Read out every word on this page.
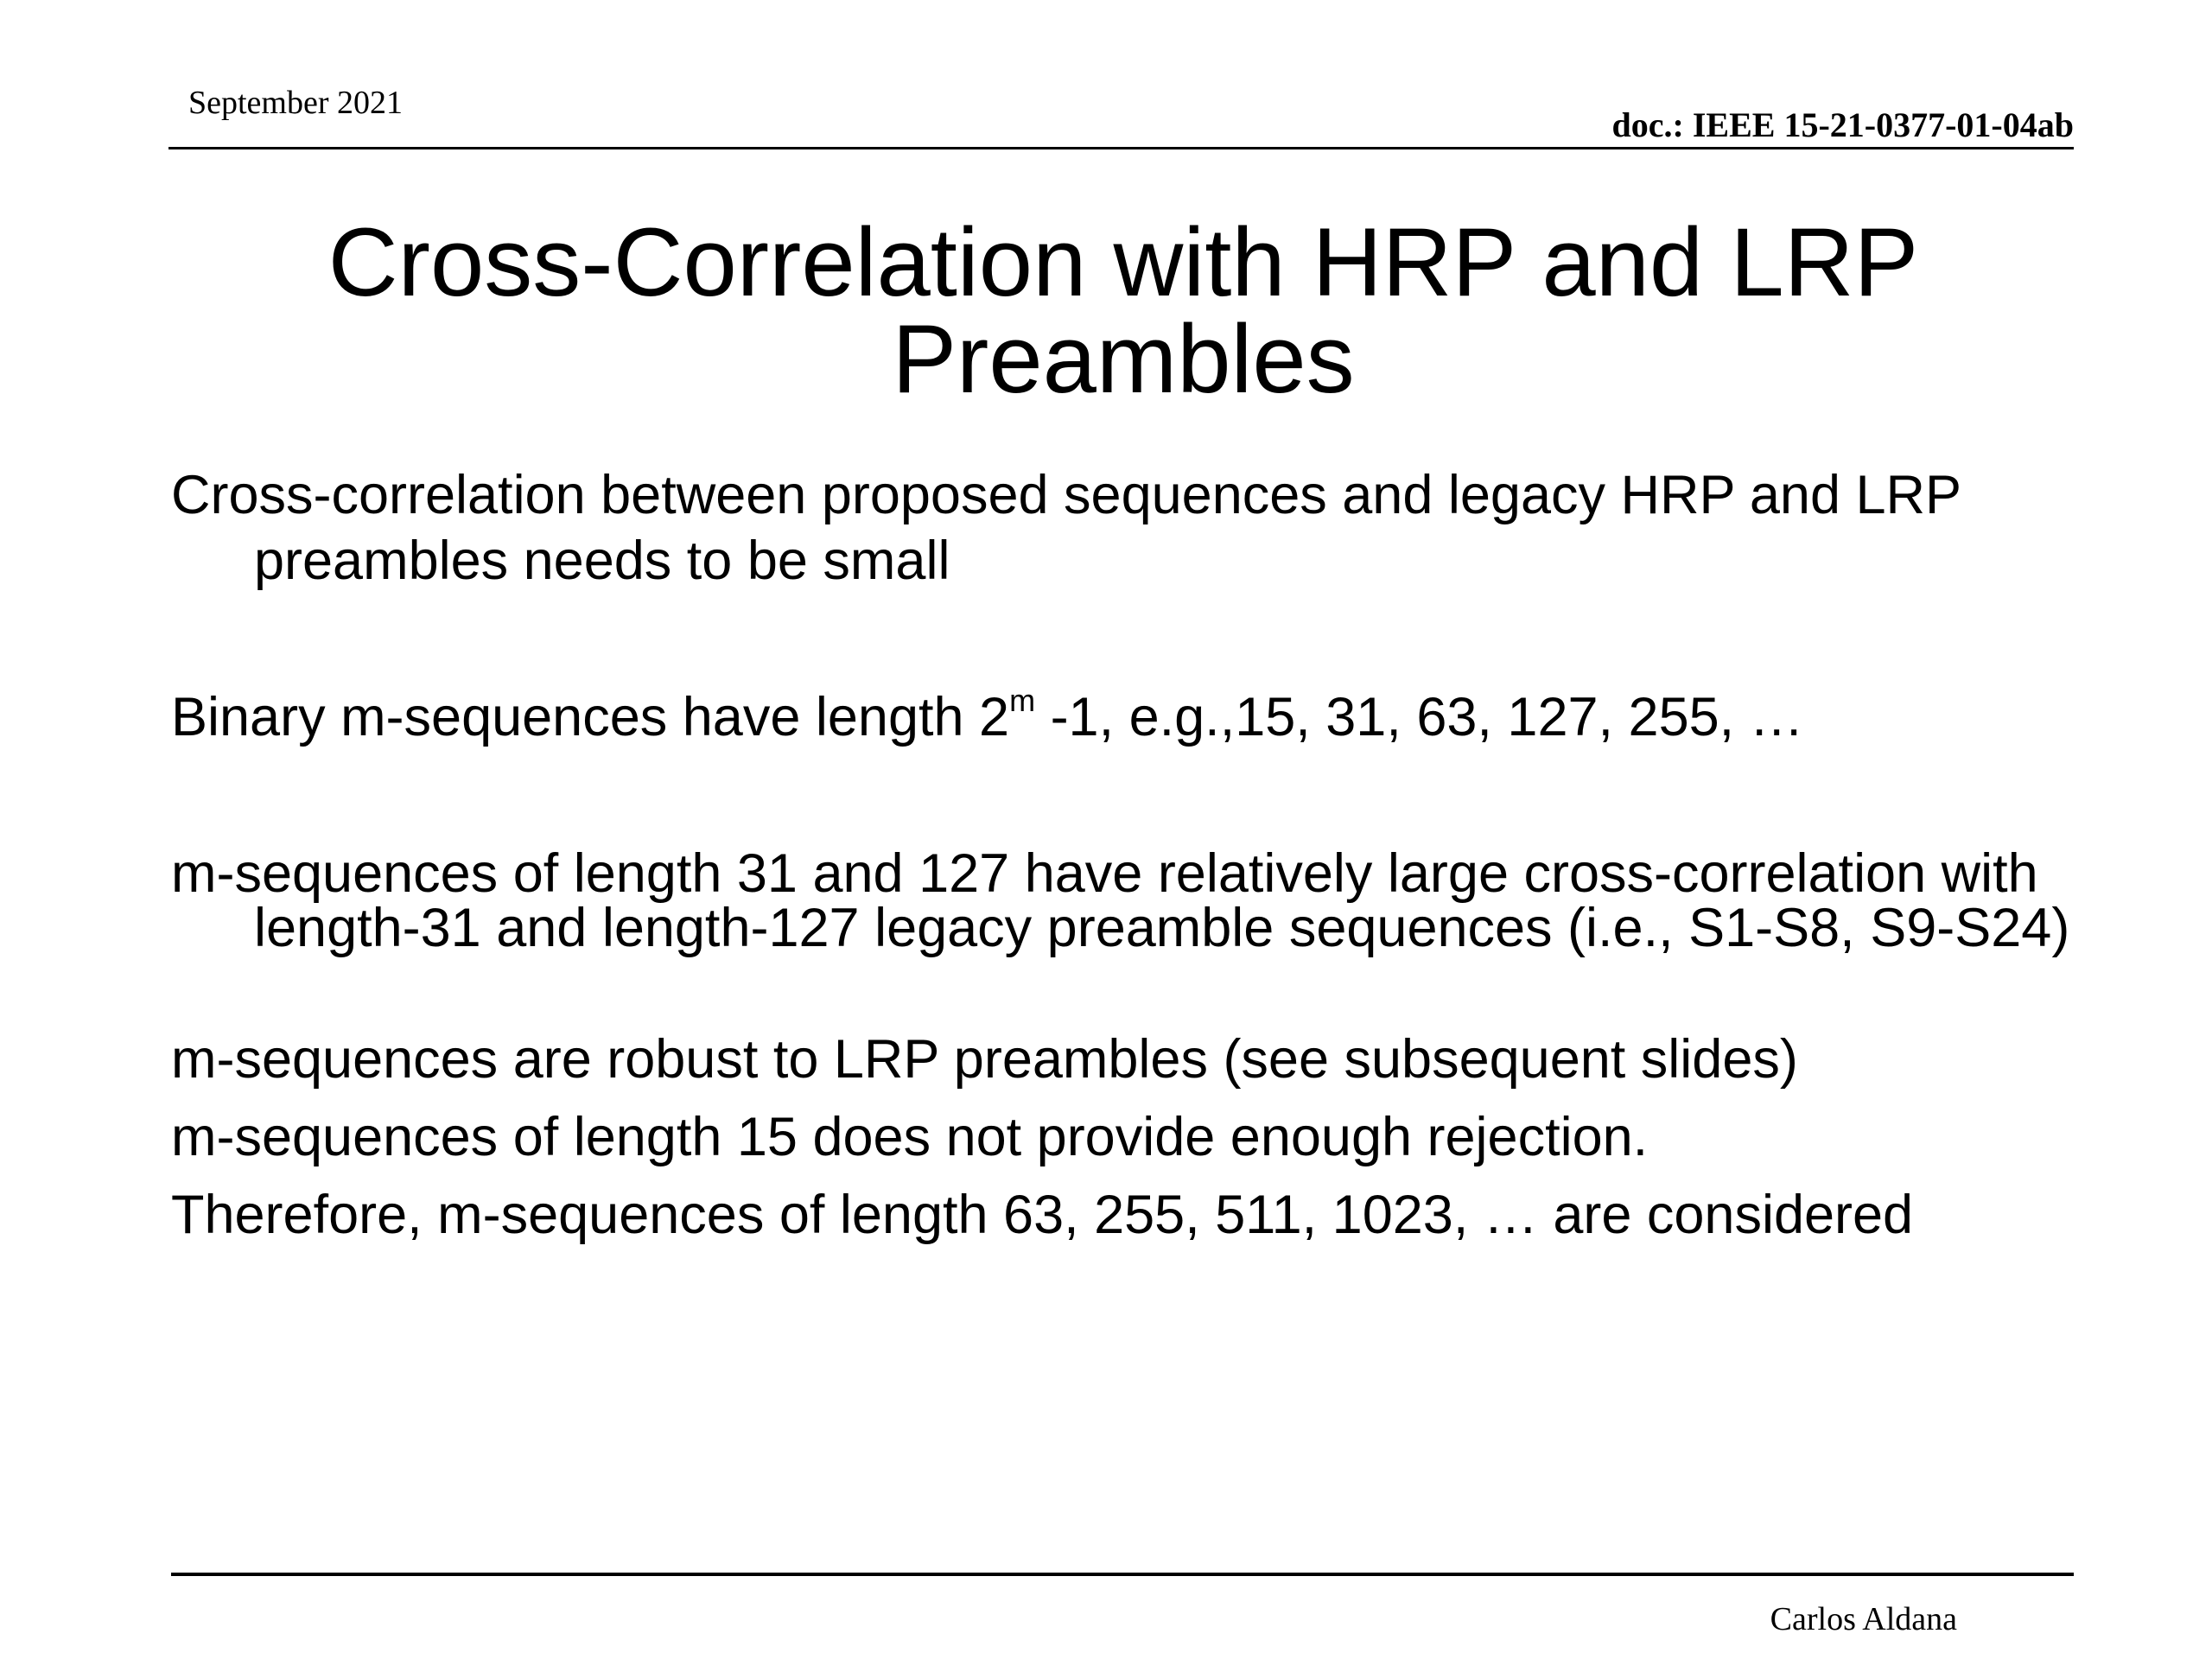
September 2021
doc.: IEEE 15-21-0377-01-04ab
Cross-Correlation with HRP and LRP
Preambles
Cross-correlation between proposed sequences and legacy HRP and LRP preambles needs to be small
Binary m-sequences have length 2$^m$ -1, e.g.,15, 31, 63, 127, 255, …
m-sequences of length 31 and 127 have relatively large cross-correlation with length-31 and length-127 legacy preamble sequences (i.e., S1-S8, S9-S24)
m-sequences are robust to LRP preambles (see subsequent slides)
m-sequences of length 15 does not provide enough rejection.
Therefore, m-sequences of length 63, 255, 511, 1023, … are considered
Carlos Aldana
